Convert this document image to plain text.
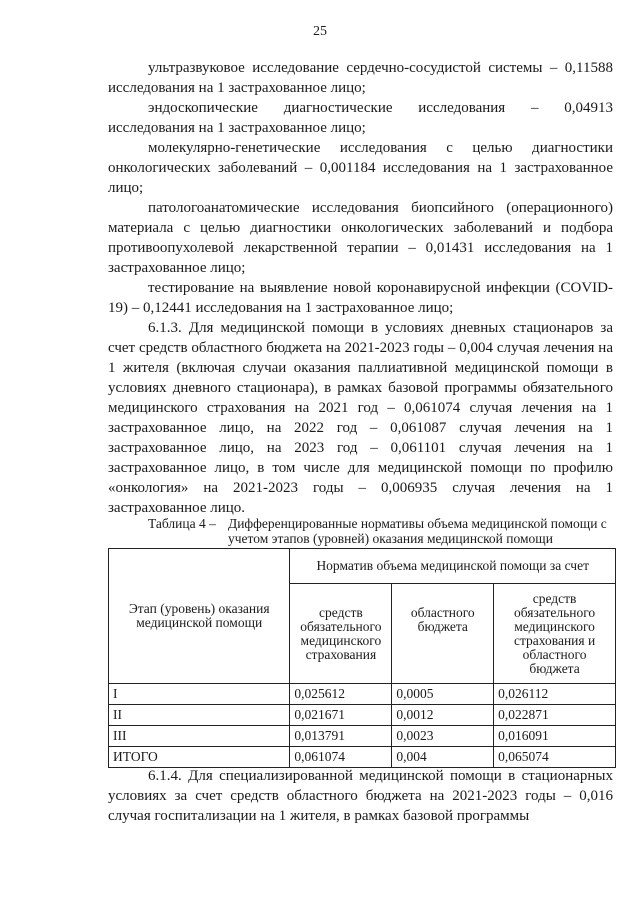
25

ультразвуковое исследование сердечно-сосудистой системы – 0,11588 исследования на 1 застрахованное лицо;

эндоскопические диагностические исследования – 0,04913 исследования на 1 застрахованное лицо;

молекулярно-генетические исследования с целью диагностики онкологических заболеваний – 0,001184 исследования на 1 застрахованное лицо;

патологоанатомические исследования биопсийного (операционного) материала с целью диагностики онкологических заболеваний и подбора противоопухолевой лекарственной терапии – 0,01431 исследования на 1 застрахованное лицо;

тестирование на выявление новой коронавирусной инфекции (COVID-19) – 0,12441 исследования на 1 застрахованное лицо;

6.1.3. Для медицинской помощи в условиях дневных стационаров за счет средств областного бюджета на 2021-2023 годы – 0,004 случая лечения на 1 жителя (включая случаи оказания паллиативной медицинской помощи в условиях дневного стационара), в рамках базовой программы обязательного медицинского страхования на 2021 год – 0,061074 случая лечения на 1 застрахованное лицо, на 2022 год – 0,061087 случая лечения на 1 застрахованное лицо, на 2023 год – 0,061101 случая лечения на 1 застрахованное лицо, в том числе для медицинской помощи по профилю «онкология» на 2021-2023 годы – 0,006935 случая лечения на 1 застрахованное лицо.

Таблица 4 – Дифференцированные нормативы объема медицинской помощи с учетом этапов (уровней) оказания медицинской помощи
Этап (уровень) оказания медицинской помощи	Норматив объема медицинской помощи за счет		
	средств обязательного медицинского страхования	областного бюджета	средств обязательного медицинского страхования и областного бюджета
I	0,025612	0,0005	0,026112
II	0,021671	0,0012	0,022871
III	0,013791	0,0023	0,016091
ИТОГО	0,061074	0,004	0,065074

6.1.4. Для специализированной медицинской помощи в стационарных условиях за счет средств областного бюджета на 2021-2023 годы – 0,016 случая госпитализации на 1 жителя, в рамках базовой программы
